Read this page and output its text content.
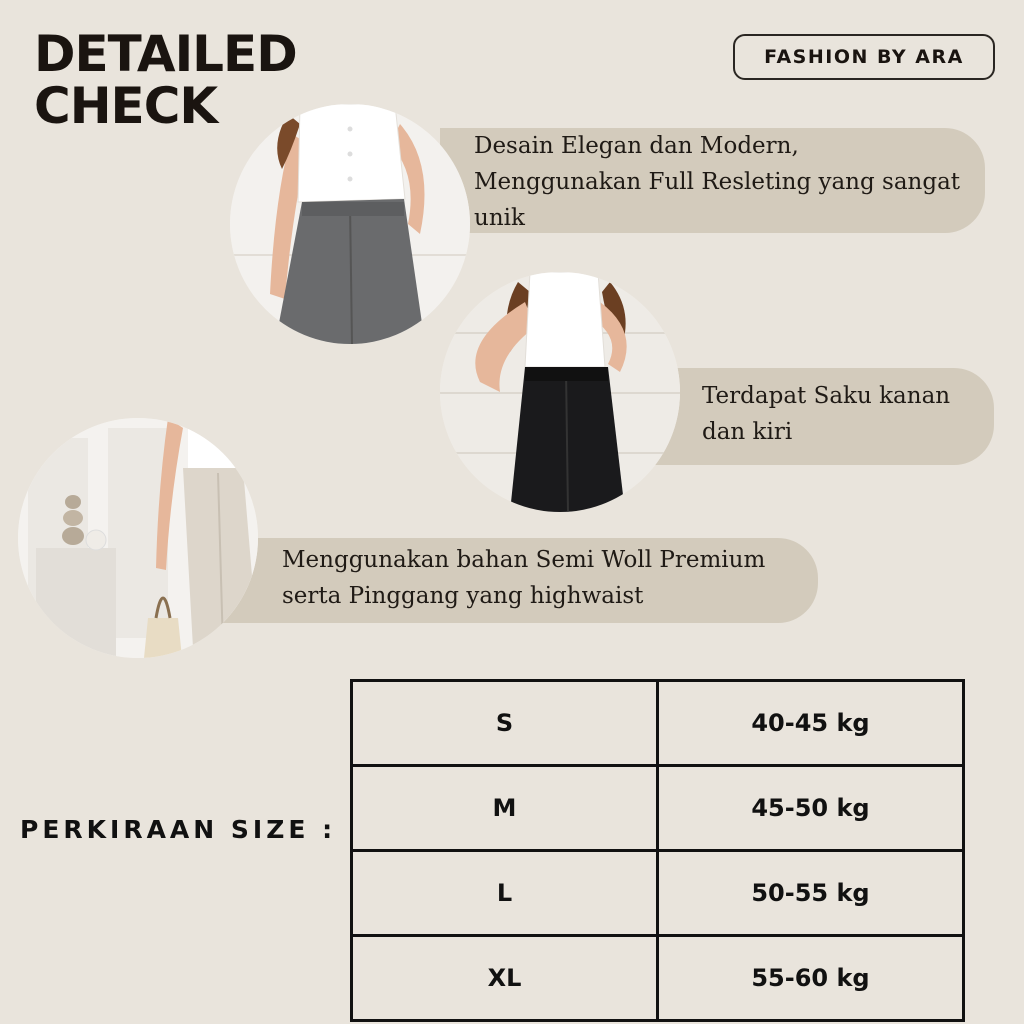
DETAILED
CHECK
FASHION BY ARA
Desain Elegan dan Modern,
Menggunakan Full Resleting yang sangat
unik
Terdapat Saku kanan
dan kiri
Menggunakan bahan Semi Woll Premium
serta Pinggang yang highwaist
PERKIRAAN SIZE :
S	40-45 kg
M	45-50 kg
L	50-55 kg
XL	55-60 kg
